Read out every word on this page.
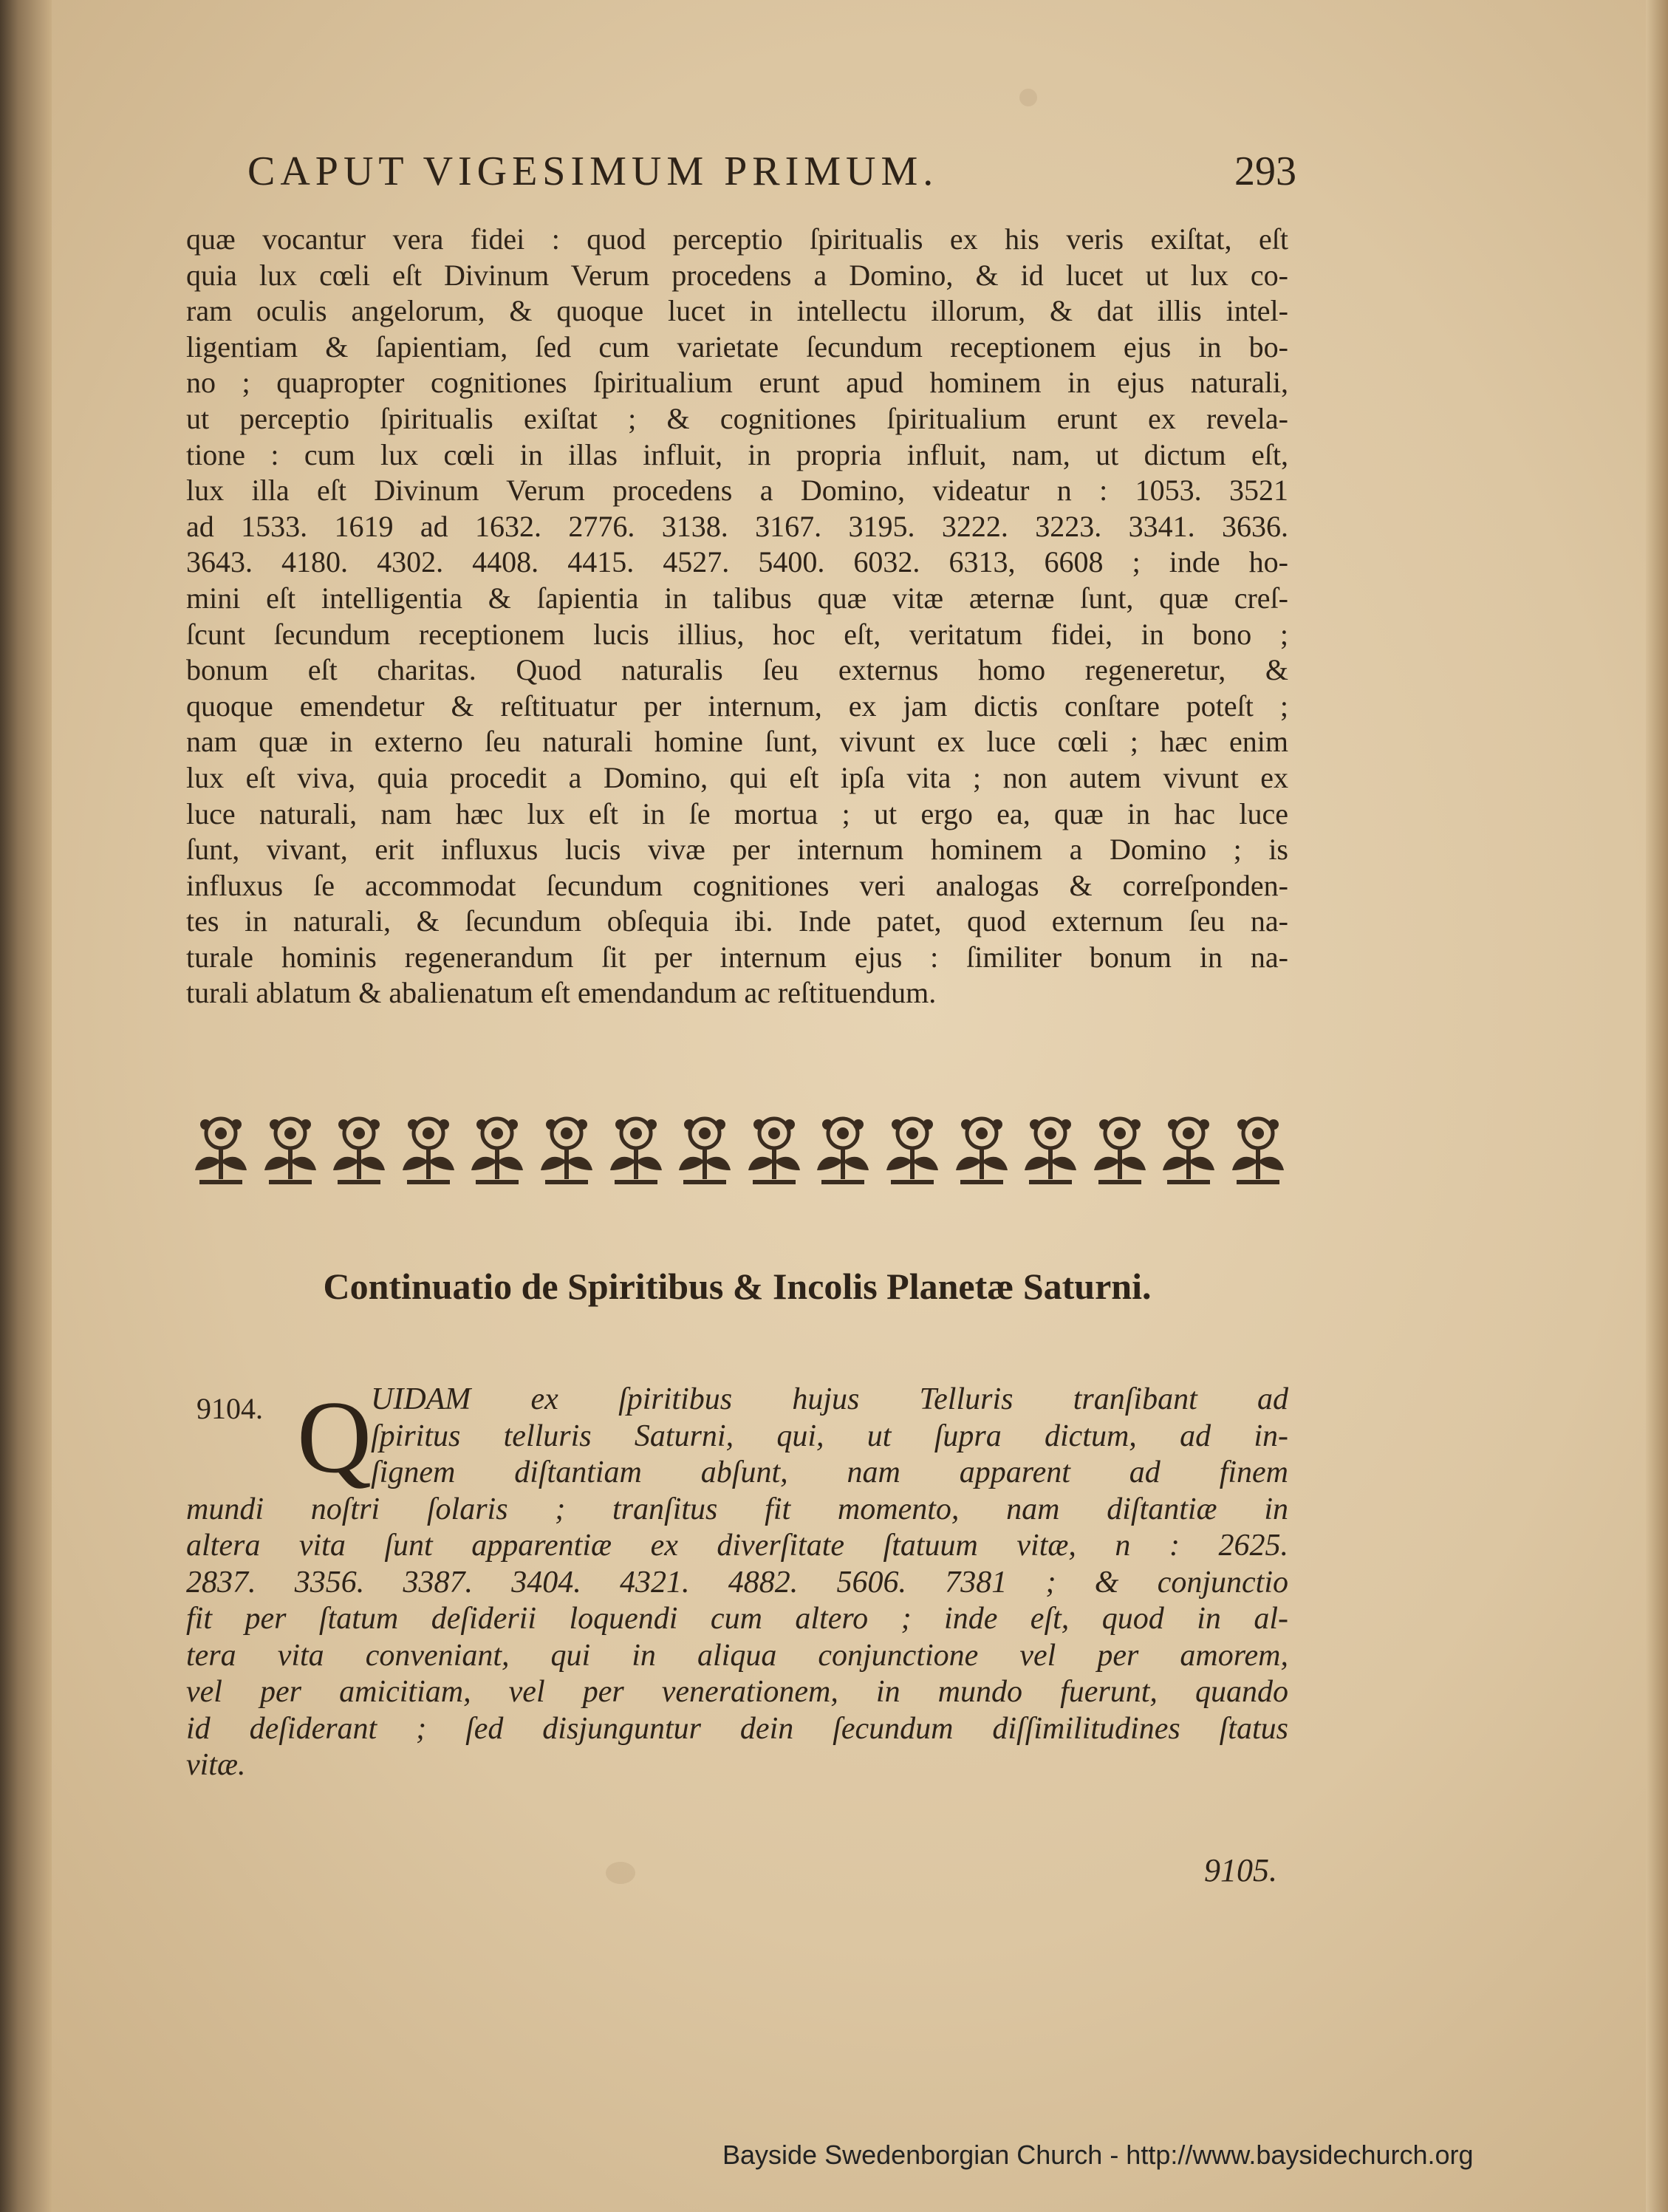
CAPUT VIGESIMUM PRIMUM.	293
quæ vocantur vera fidei : quod perceptio ſpiritualis ex his veris exiſtat, eſt
quia lux cœli eſt Divinum Verum procedens a Domino, & id lucet ut lux co-
ram oculis angelorum, & quoque lucet in intellectu illorum, & dat illis intel-
ligentiam & ſapientiam, ſed cum varietate ſecundum receptionem ejus in bo-
no ; quapropter cognitiones ſpiritualium erunt apud hominem in ejus naturali,
ut perceptio ſpiritualis exiſtat ; & cognitiones ſpiritualium erunt ex revela-
tione : cum lux cœli in illas influit, in propria influit, nam, ut dictum eſt,
lux illa eſt Divinum Verum procedens a Domino, videatur n : 1053. 3521
ad 1533. 1619 ad 1632. 2776. 3138. 3167. 3195. 3222. 3223. 3341. 3636.
3643. 4180. 4302. 4408. 4415. 4527. 5400. 6032. 6313, 6608 ; inde ho-
mini eſt intelligentia & ſapientia in talibus quæ vitæ æternæ ſunt, quæ creſ-
ſcunt ſecundum receptionem lucis illius, hoc eſt, veritatum fidei, in bono ;
bonum eſt charitas. Quod naturalis ſeu externus homo regeneretur, &
quoque emendetur & reſtituatur per internum, ex jam dictis conſtare poteſt ;
nam quæ in externo ſeu naturali homine ſunt, vivunt ex luce cœli ; hæc enim
lux eſt viva, quia procedit a Domino, qui eſt ipſa vita ; non autem vivunt ex
luce naturali, nam hæc lux eſt in ſe mortua ; ut ergo ea, quæ in hac luce
ſunt, vivant, erit influxus lucis vivæ per internum hominem a Domino ; is
influxus ſe accommodat ſecundum cognitiones veri analogas & correſponden-
tes in naturali, & ſecundum obſequia ibi. Inde patet, quod externum ſeu na-
turale hominis regenerandum ſit per internum ejus : ſimiliter bonum in na-
turali ablatum & abalienatum eſt emendandum ac reſtituendum.
Continuatio de Spiritibus & Incolis Planetæ Saturni.
9104. Q
UIDAM ex ſpiritibus hujus Telluris tranſibant ad
ſpiritus telluris Saturni, qui, ut ſupra dictum, ad in-
ſignem diſtantiam abſunt, nam apparent ad finem
mundi noſtri ſolaris ; tranſitus fit momento, nam diſtantiæ in
altera vita ſunt apparentiæ ex diverſitate ſtatuum vitæ, n : 2625.
2837. 3356. 3387. 3404. 4321. 4882. 5606. 7381 ; & conjunctio
fit per ſtatum deſiderii loquendi cum altero ; inde eſt, quod in al-
tera vita conveniant, qui in aliqua conjunctione vel per amorem,
vel per amicitiam, vel per venerationem, in mundo fuerunt, quando
id deſiderant ; ſed disjunguntur dein ſecundum diſſimilitudines ſtatus
vitæ.
9105.
Bayside Swedenborgian Church - http://www.baysidechurch.org
